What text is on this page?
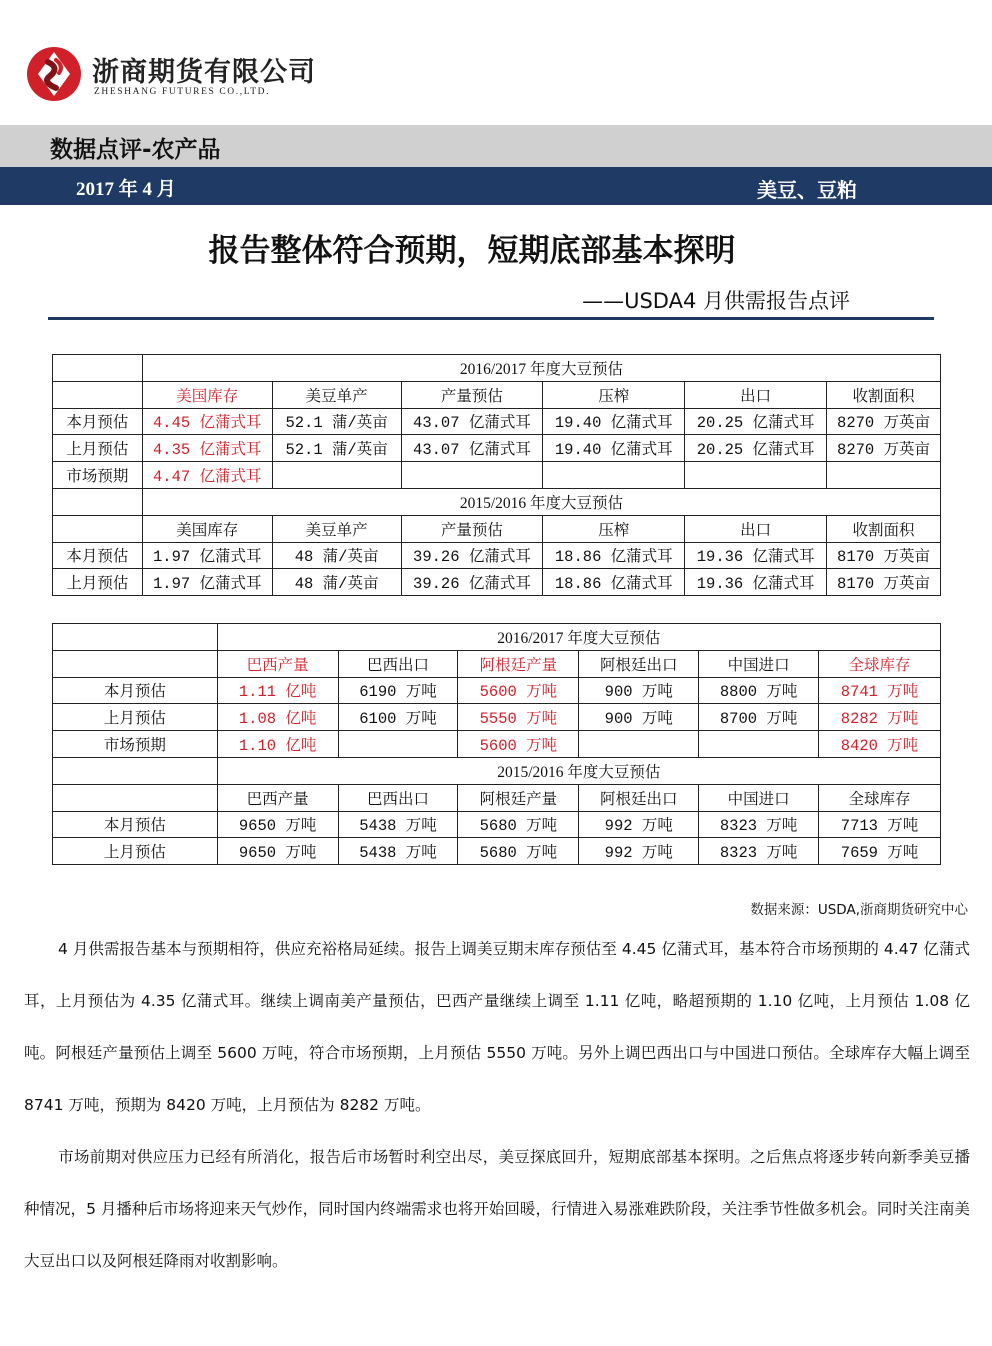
浙商期货有限公司
ZHESHANG FUTURES CO.,LTD.
数据点评-农产品
2017 年 4 月	美豆、豆粕
报告整体符合预期，短期底部基本探明
——USDA4 月供需报告点评
	2016/2017 年度大豆预估					
	美国库存	美豆单产	产量预估	压榨	出口	收割面积
本月预估	4.45 亿蒲式耳	52.1 蒲/英亩	43.07 亿蒲式耳	19.40 亿蒲式耳	20.25 亿蒲式耳	8270 万英亩
上月预估	4.35 亿蒲式耳	52.1 蒲/英亩	43.07 亿蒲式耳	19.40 亿蒲式耳	20.25 亿蒲式耳	8270 万英亩
市场预期	4.47 亿蒲式耳					
	2015/2016 年度大豆预估					
	美国库存	美豆单产	产量预估	压榨	出口	收割面积
本月预估	1.97 亿蒲式耳	48 蒲/英亩	39.26 亿蒲式耳	18.86 亿蒲式耳	19.36 亿蒲式耳	8170 万英亩
上月预估	1.97 亿蒲式耳	48 蒲/英亩	39.26 亿蒲式耳	18.86 亿蒲式耳	19.36 亿蒲式耳	8170 万英亩
	2016/2017 年度大豆预估					
	巴西产量	巴西出口	阿根廷产量	阿根廷出口	中国进口	全球库存
本月预估	1.11 亿吨	6190 万吨	5600 万吨	900 万吨	8800 万吨	8741 万吨
上月预估	1.08 亿吨	6100 万吨	5550 万吨	900 万吨	8700 万吨	8282 万吨
市场预期	1.10 亿吨		5600 万吨			8420 万吨
	2015/2016 年度大豆预估					
	巴西产量	巴西出口	阿根廷产量	阿根廷出口	中国进口	全球库存
本月预估	9650 万吨	5438 万吨	5680 万吨	992 万吨	8323 万吨	7713 万吨
上月预估	9650 万吨	5438 万吨	5680 万吨	992 万吨	8323 万吨	7659 万吨
数据来源：USDA,浙商期货研究中心
4 月供需报告基本与预期相符，供应充裕格局延续。报告上调美豆期末库存预估至 4.45 亿蒲式耳，基本符合市场预期的 4.47 亿蒲式耳，上月预估为 4.35 亿蒲式耳。继续上调南美产量预估，巴西产量继续上调至 1.11 亿吨，略超预期的 1.10 亿吨，上月预估 1.08 亿吨。阿根廷产量预估上调至 5600 万吨，符合市场预期，上月预估 5550 万吨。另外上调巴西出口与中国进口预估。全球库存大幅上调至 8741 万吨，预期为 8420 万吨，上月预估为 8282 万吨。
市场前期对供应压力已经有所消化，报告后市场暂时利空出尽，美豆探底回升，短期底部基本探明。之后焦点将逐步转向新季美豆播种情况，5 月播种后市场将迎来天气炒作，同时国内终端需求也将开始回暖，行情进入易涨难跌阶段，关注季节性做多机会。同时关注南美大豆出口以及阿根廷降雨对收割影响。
